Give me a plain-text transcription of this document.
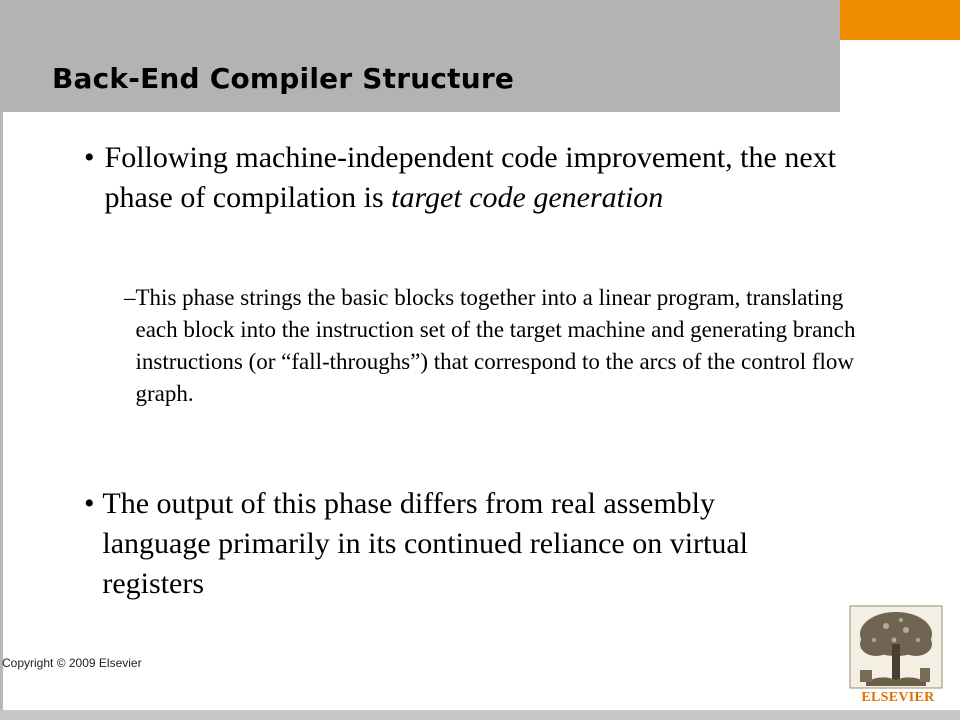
Back-End Compiler Structure
• Following machine-independent code improvement, the next phase of compilation is target code generation

– This phase strings the basic blocks together into a linear program, translating each block into the instruction set of the target machine and generating branch instructions (or “fall-throughs”) that correspond to the arcs of the control flow graph.

• The output of this phase differs from real assembly language primarily in its continued reliance on virtual registers

Copyright © 2009 Elsevier
ELSEVIER
